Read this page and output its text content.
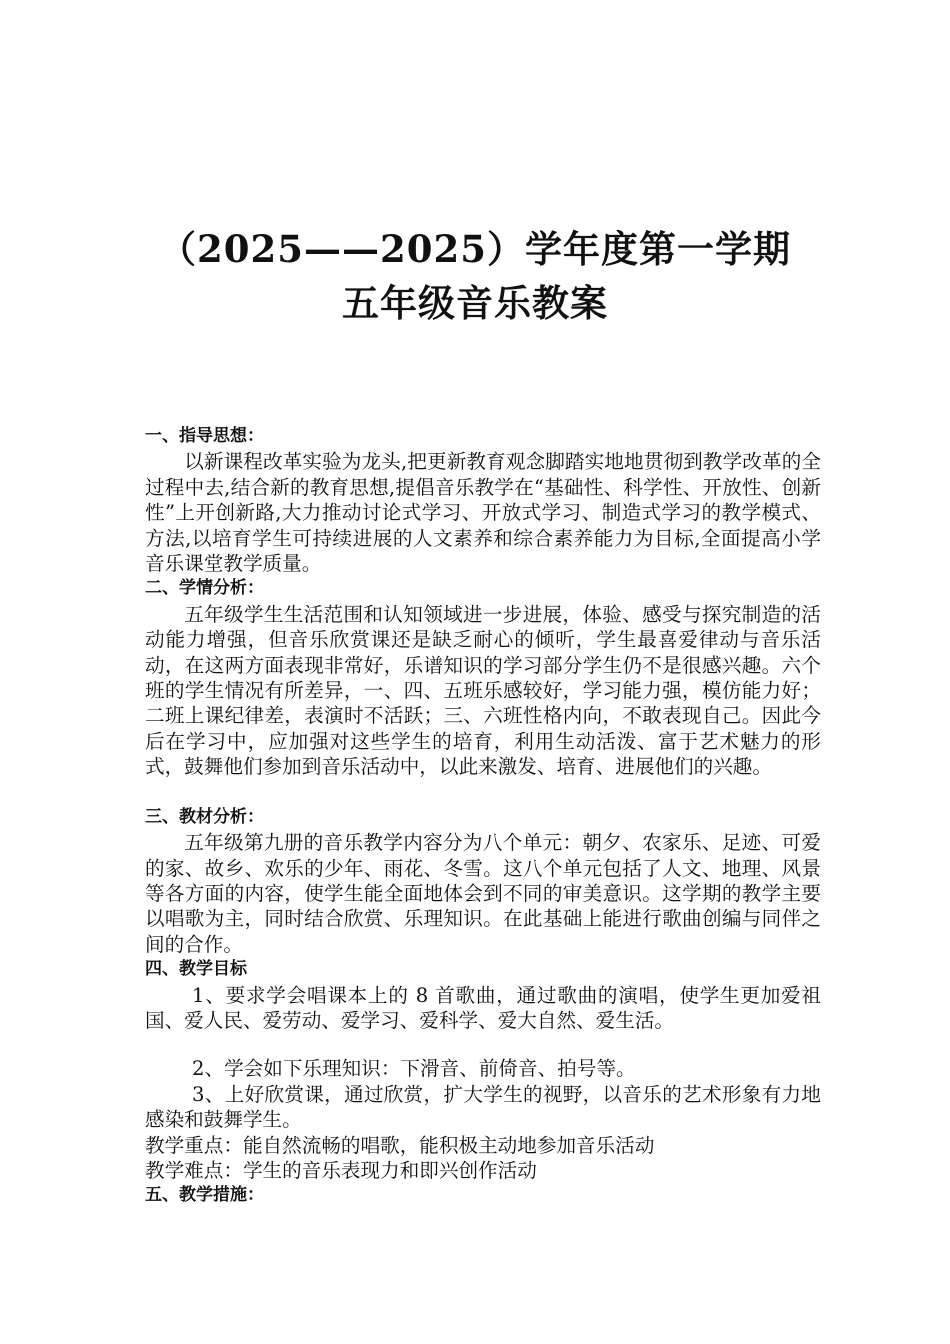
（2025——2025）学年度第一学期
五年级音乐教案
一、指导思想：

以新课程改革实验为龙头,把更新教育观念脚踏实地地贯彻到教学改革的全过程中去,结合新的教育思想,提倡音乐教学在“基础性、科学性、开放性、创新性”上开创新路,大力推动讨论式学习、开放式学习、制造式学习的教学模式、方法,以培育学生可持续进展的人文素养和综合素养能力为目标,全面提高小学音乐课堂教学质量。

二、学情分析：

五年级学生生活范围和认知领域进一步进展，体验、感受与探究制造的活动能力增强，但音乐欣赏课还是缺乏耐心的倾听，学生最喜爱律动与音乐活动，在这两方面表现非常好，乐谱知识的学习部分学生仍不是很感兴趣。六个班的学生情况有所差异，一、四、五班乐感较好，学习能力强，模仿能力好；二班上课纪律差，表演时不活跃；三、六班性格内向，不敢表现自己。因此今后在学习中，应加强对这些学生的培育，利用生动活泼、富于艺术魅力的形式，鼓舞他们参加到音乐活动中，以此来激发、培育、进展他们的兴趣。

三、教材分析：

五年级第九册的音乐教学内容分为八个单元：朝夕、农家乐、足迹、可爱的家、故乡、欢乐的少年、雨花、冬雪。这八个单元包括了人文、地理、风景等各方面的内容，使学生能全面地体会到不同的审美意识。这学期的教学主要以唱歌为主，同时结合欣赏、乐理知识。在此基础上能进行歌曲创编与同伴之间的合作。

四、教学目标

1、要求学会唱课本上的 8 首歌曲，通过歌曲的演唱，使学生更加爱祖国、爱人民、爱劳动、爱学习、爱科学、爱大自然、爱生活。

2、学会如下乐理知识：下滑音、前倚音、拍号等。

3、上好欣赏课，通过欣赏，扩大学生的视野，以音乐的艺术形象有力地感染和鼓舞学生。

教学重点：能自然流畅的唱歌，能积极主动地参加音乐活动

教学难点：学生的音乐表现力和即兴创作活动

五、教学措施：
